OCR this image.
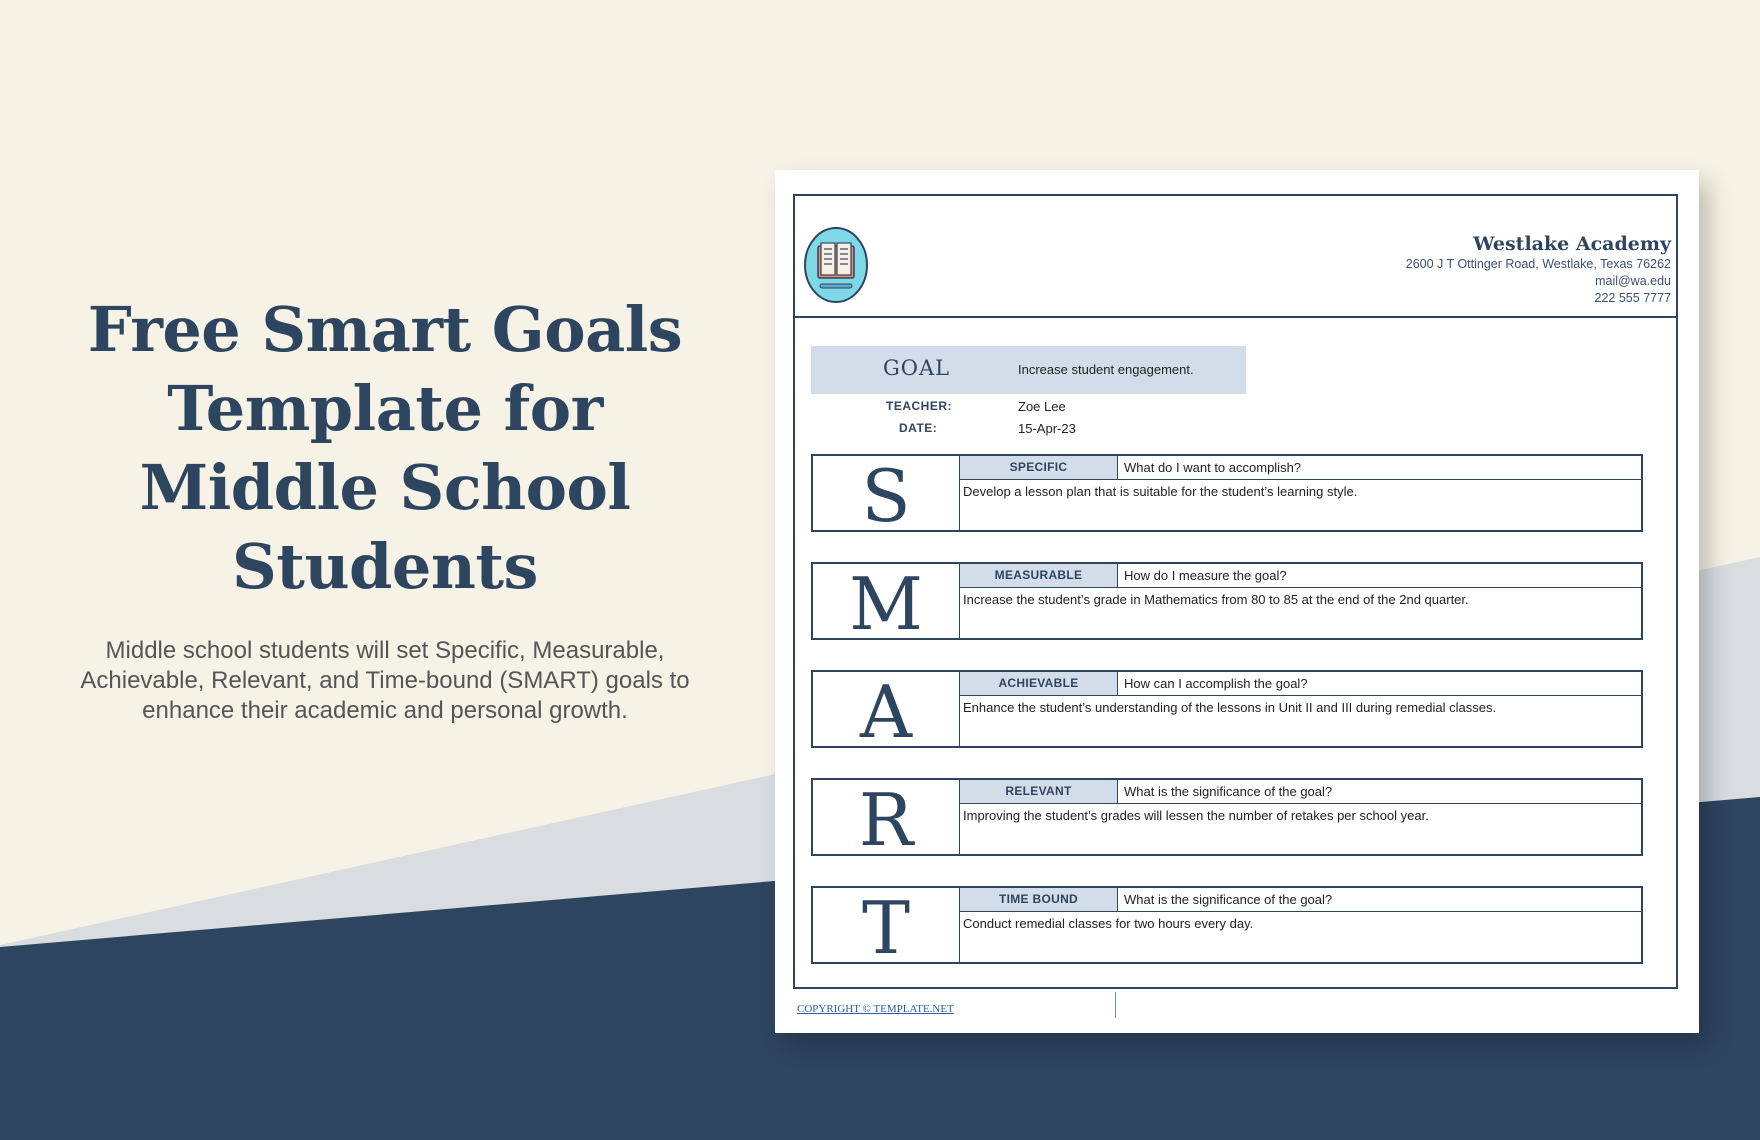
Free Smart Goals Template for Middle School Students
Middle school students will set Specific, Measurable, Achievable, Relevant, and Time-bound (SMART) goals to enhance their academic and personal growth.
Westlake Academy
2600 J T Ottinger Road, Westlake, Texas 76262
mail@wa.edu
222 555 7777
GOAL	Increase student engagement.
TEACHER:	Zoe Lee
DATE:	15-Apr-23
S	SPECIFIC	What do I want to accomplish?
Develop a lesson plan that is suitable for the student’s learning style.
M	MEASURABLE	How do I measure the goal?
Increase the student’s grade in Mathematics from 80 to 85 at the end of the 2nd quarter.
A	ACHIEVABLE	How can I accomplish the goal?
Enhance the student’s understanding of the lessons in Unit II and III during remedial classes.
R	RELEVANT	What is the significance of the goal?
Improving the student’s grades will lessen the number of retakes per school year.
T	TIME BOUND	What is the significance of the goal?
Conduct remedial classes for two hours every day.
COPYRIGHT © TEMPLATE.NET
